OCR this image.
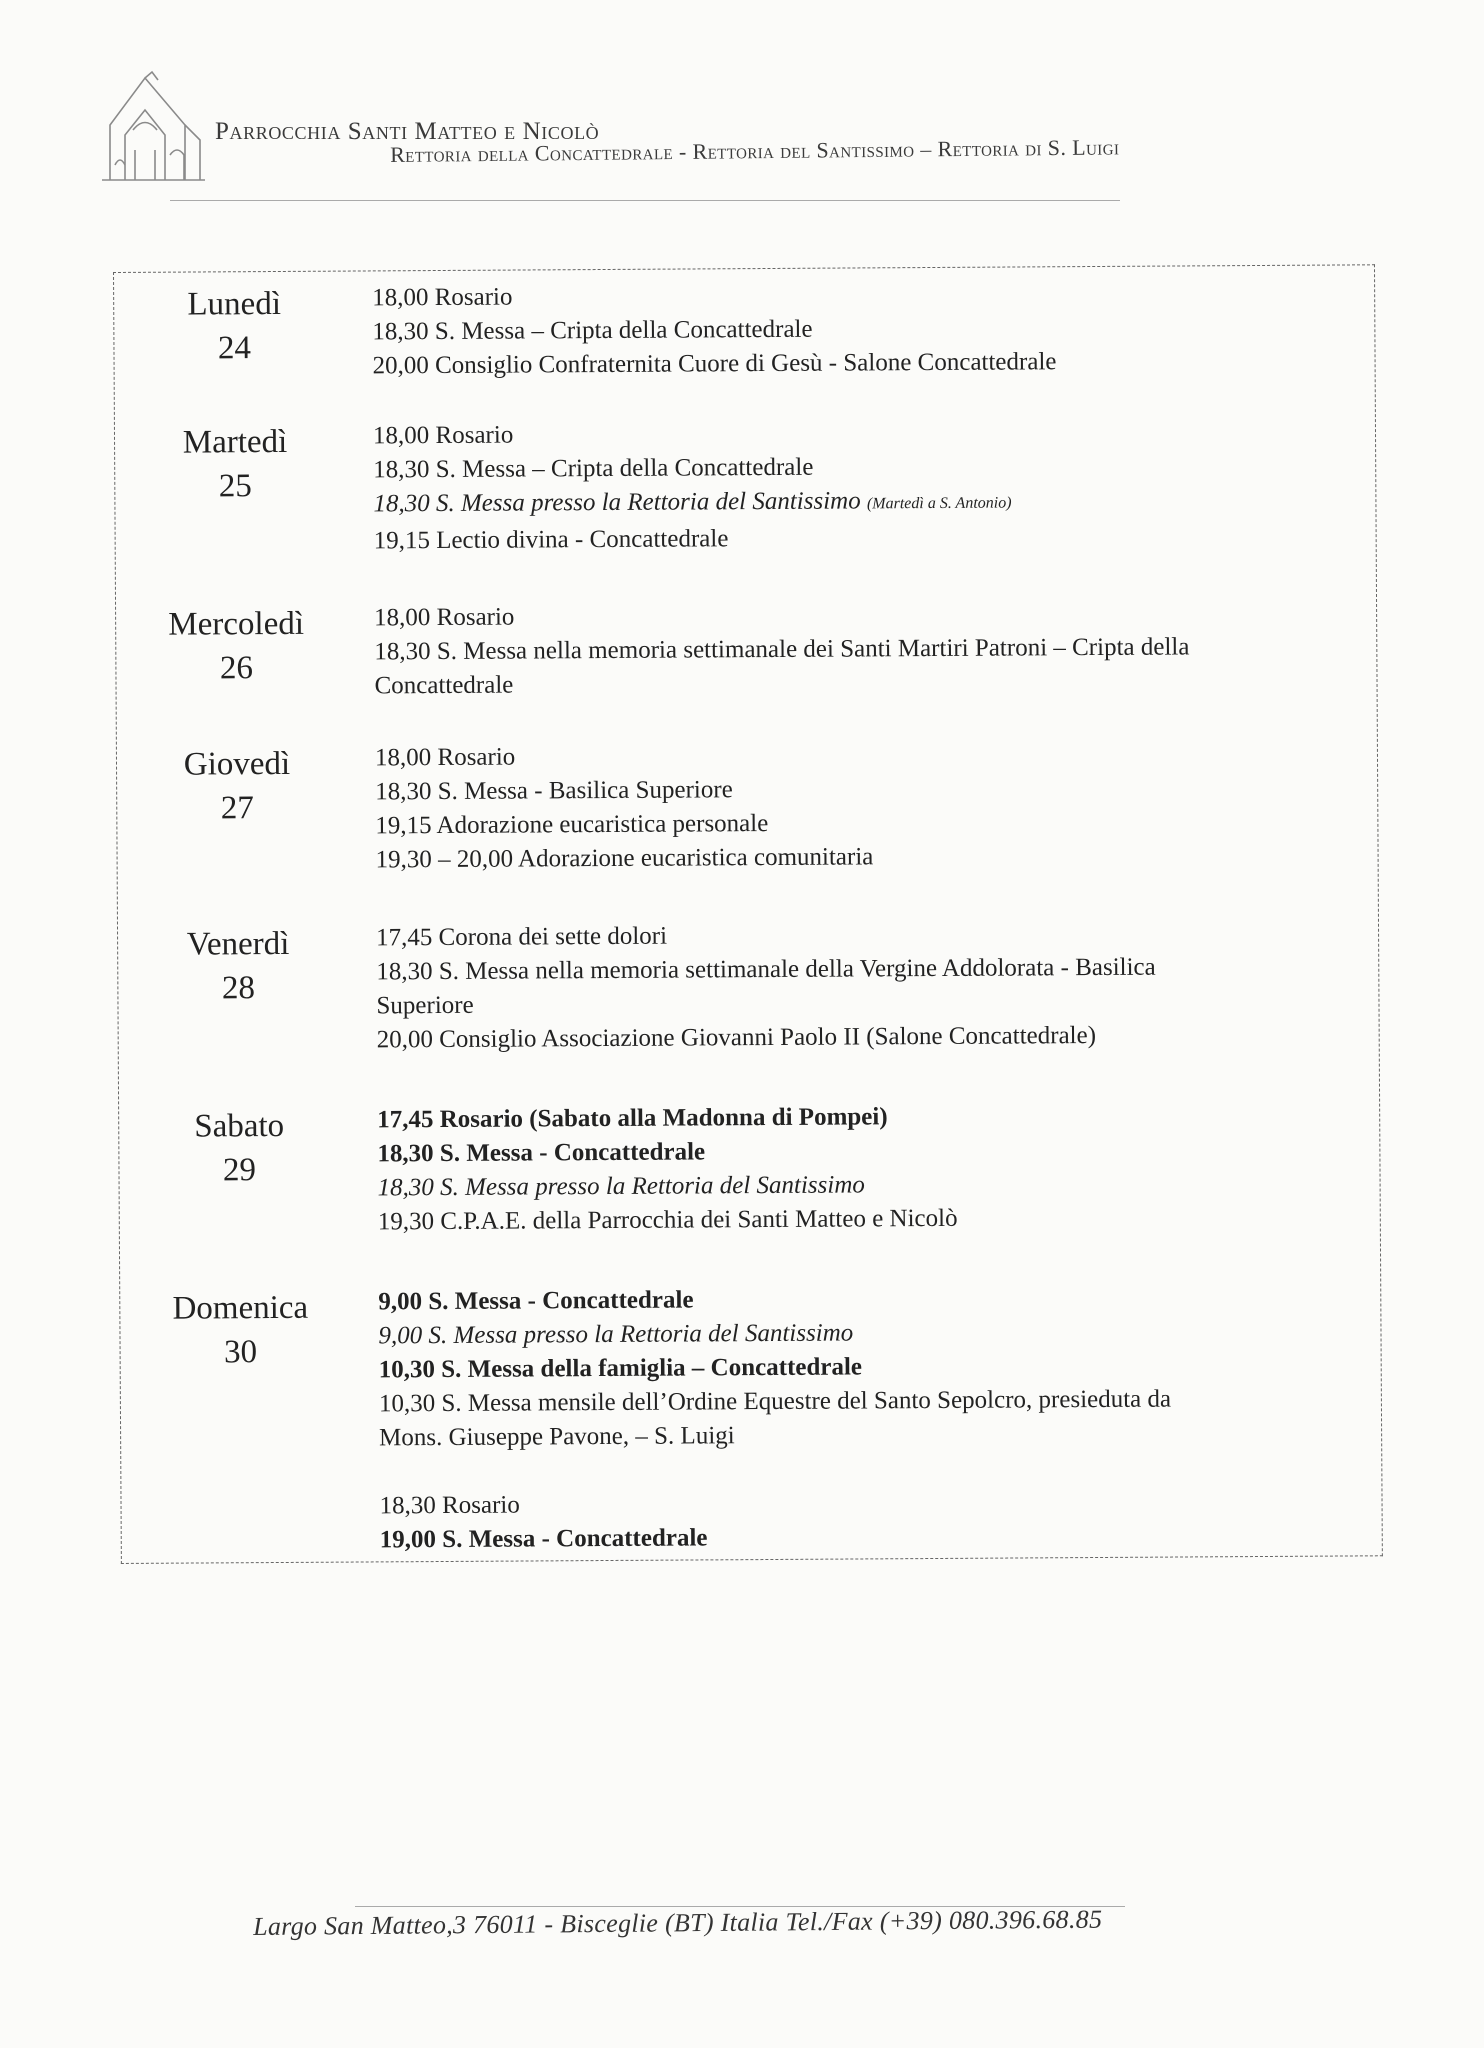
Parrocchia Santi Matteo e Nicolò
Rettoria della Concattedrale - Rettoria del Santissimo – Rettoria di S. Luigi
Lunedì
24
18,00 Rosario
18,30 S. Messa – Cripta della Concattedrale
20,00 Consiglio Confraternita Cuore di Gesù - Salone Concattedrale
Martedì
25
18,00 Rosario
18,30 S. Messa – Cripta della Concattedrale
18,30 S. Messa presso la Rettoria del Santissimo (Martedì a S. Antonio)
19,15 Lectio divina - Concattedrale
Mercoledì
26
18,00 Rosario
18,30 S. Messa nella memoria settimanale dei Santi Martiri Patroni – Cripta della
Concattedrale
Giovedì
27
18,00 Rosario
18,30 S. Messa - Basilica Superiore
19,15 Adorazione eucaristica personale
19,30 – 20,00 Adorazione eucaristica comunitaria
Venerdì
28
17,45 Corona dei sette dolori
18,30 S. Messa nella memoria settimanale della Vergine Addolorata - Basilica
Superiore
20,00 Consiglio Associazione Giovanni Paolo II (Salone Concattedrale)
Sabato
29
17,45 Rosario (Sabato alla Madonna di Pompei)
18,30 S. Messa - Concattedrale
18,30 S. Messa presso la Rettoria del Santissimo
19,30 C.P.A.E. della Parrocchia dei Santi Matteo e Nicolò
Domenica
30
9,00 S. Messa - Concattedrale
9,00 S. Messa presso la Rettoria del Santissimo
10,30 S. Messa della famiglia – Concattedrale
10,30 S. Messa mensile dell’Ordine Equestre del Santo Sepolcro, presieduta da
Mons. Giuseppe Pavone, – S. Luigi
18,30 Rosario
19,00 S. Messa - Concattedrale
Largo San Matteo,3 76011 - Bisceglie (BT) Italia Tel./Fax (+39) 080.396.68.85
